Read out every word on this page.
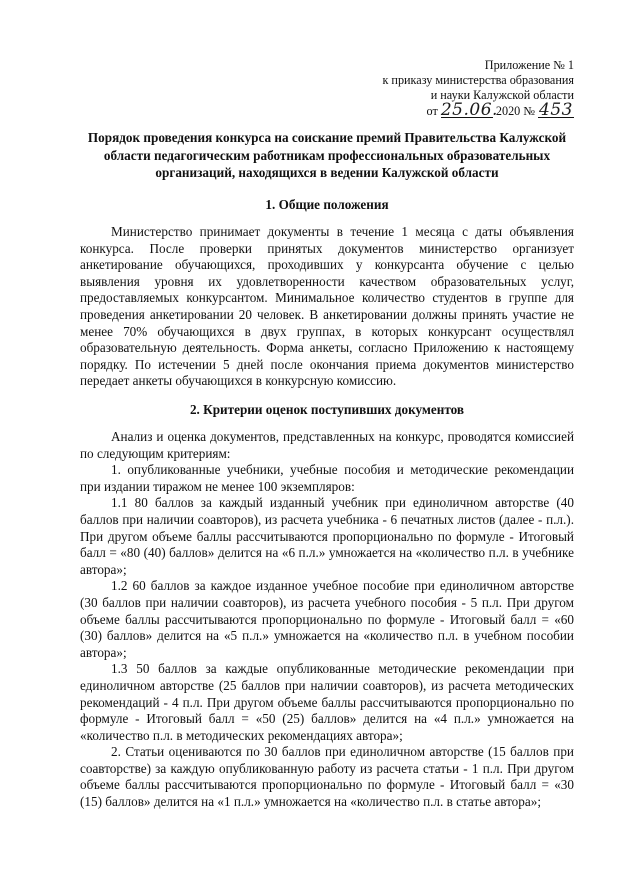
Приложение № 1
к приказу министерства образования
и науки Калужской области
от 25.06. 2020 № 453
Порядок проведения конкурса на соискание премий Правительства Калужской области педагогическим работникам профессиональных образовательных организаций, находящихся в ведении Калужской области
1. Общие положения

Министерство принимает документы в течение 1 месяца с даты объявления конкурса. После проверки принятых документов министерство организует анкетирование обучающихся, проходивших у конкурсанта обучение с целью выявления уровня их удовлетворенности качеством образовательных услуг, предоставляемых конкурсантом. Минимальное количество студентов в группе для проведения анкетировании 20 человек. В анкетировании должны принять участие не менее 70% обучающихся в двух группах, в которых конкурсант осуществлял образовательную деятельность. Форма анкеты, согласно Приложению к настоящему порядку. По истечении 5 дней после окончания приема документов министерство передает анкеты обучающихся в конкурсную комиссию.

2. Критерии оценок поступивших документов

Анализ и оценка документов, представленных на конкурс, проводятся комиссией по следующим критериям:

1. опубликованные учебники, учебные пособия и методические рекомендации при издании тиражом не менее 100 экземпляров:

1.1 80 баллов за каждый изданный учебник при единоличном авторстве (40 баллов при наличии соавторов), из расчета учебника - 6 печатных листов (далее - п.л.). При другом объеме баллы рассчитываются пропорционально по формуле - Итоговый балл = «80 (40) баллов» делится на «6 п.л.» умножается на «количество п.л. в учебнике автора»;

1.2 60 баллов за каждое изданное учебное пособие при единоличном авторстве (30 баллов при наличии соавторов), из расчета учебного пособия - 5 п.л. При другом объеме баллы рассчитываются пропорционально по формуле - Итоговый балл = «60 (30) баллов» делится на «5 п.л.» умножается на «количество п.л. в учебном пособии автора»;

1.3 50 баллов за каждые опубликованные методические рекомендации при единоличном авторстве (25 баллов при наличии соавторов), из расчета методических рекомендаций - 4 п.л. При другом объеме баллы рассчитываются пропорционально по формуле - Итоговый балл = «50 (25) баллов» делится на «4 п.л.» умножается на «количество п.л. в методических рекомендациях автора»;

2. Статьи оцениваются по 30 баллов при единоличном авторстве (15 баллов при соавторстве) за каждую опубликованную работу из расчета статьи - 1 п.л. При другом объеме баллы рассчитываются пропорционально по формуле - Итоговый балл = «30 (15) баллов» делится на «1 п.л.» умножается на «количество п.л. в статье автора»;
